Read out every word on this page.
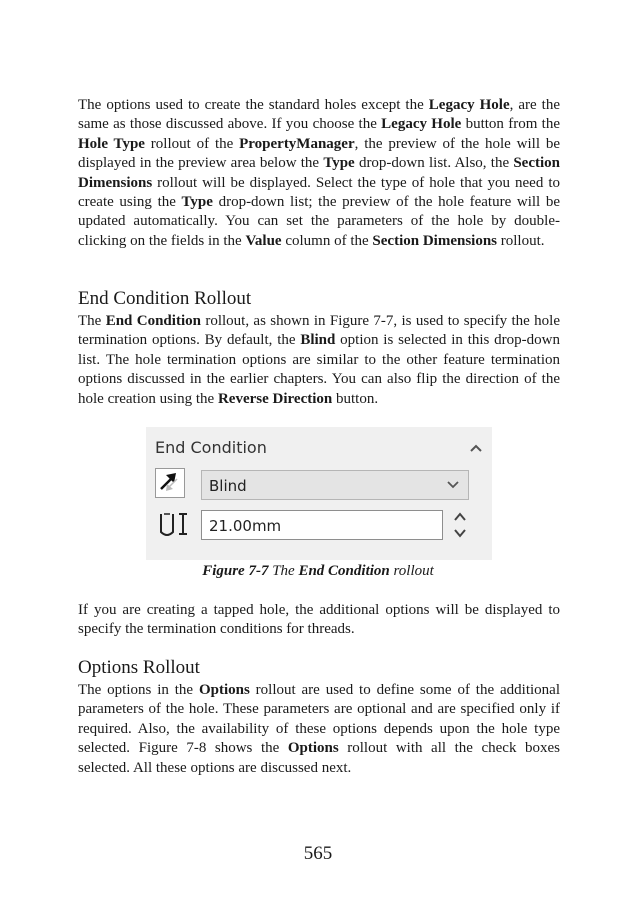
The options used to create the standard holes except the Legacy Hole, are the same as those discussed above. If you choose the Legacy Hole button from the Hole Type rollout of the PropertyManager, the preview of the hole will be displayed in the preview area below the Type drop-down list. Also, the Section Dimensions rollout will be displayed. Select the type of hole that you need to create using the Type drop-down list; the preview of the hole feature will be updated automatically. You can set the parameters of the hole by double-clicking on the fields in the Value column of the Section Dimensions rollout.

End Condition Rollout

The End Condition rollout, as shown in Figure 7-7, is used to specify the hole termination options. By default, the Blind option is selected in this drop-down list. The hole termination options are similar to the other feature termination options discussed in the earlier chapters. You can also flip the direction of the hole creation using the Reverse Direction button.

End Condition
Blind
21.00mm
Figure 7-7 The End Condition rollout

If you are creating a tapped hole, the additional options will be displayed to specify the termination conditions for threads.

Options Rollout

The options in the Options rollout are used to define some of the additional parameters of the hole. These parameters are optional and are specified only if required. Also, the availability of these options depends upon the hole type selected. Figure 7-8 shows the Options rollout with all the check boxes selected. All these options are discussed next.

565
